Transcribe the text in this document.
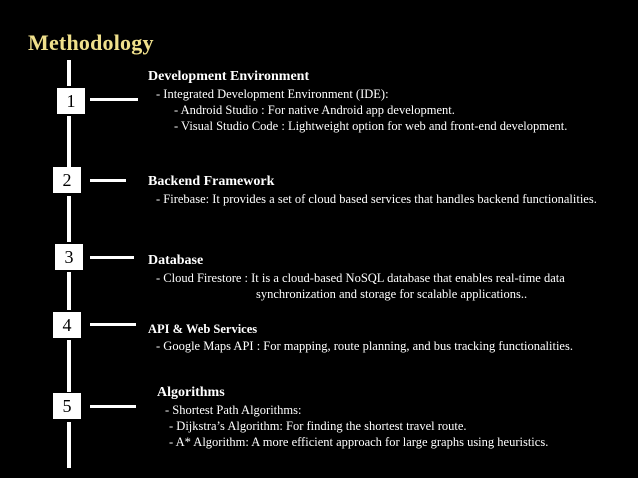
Methodology
1
Development Environment
- Integrated Development Environment (IDE):
- Android Studio : For native Android app development.
- Visual Studio Code : Lightweight option for web and front-end development.
2	Backend Framework
- Firebase: It provides a set of cloud based services that handles backend functionalities.
3	Database
- Cloud Firestore : It is a cloud-based NoSQL database that enables real-time data
synchronization and storage for scalable applications..
4	API & Web Services
- Google Maps API : For mapping, route planning, and bus tracking functionalities.
5
Algorithms
- Shortest Path Algorithms:
- Dijkstra’s Algorithm: For finding the shortest travel route.
- A* Algorithm: A more efficient approach for large graphs using heuristics.
